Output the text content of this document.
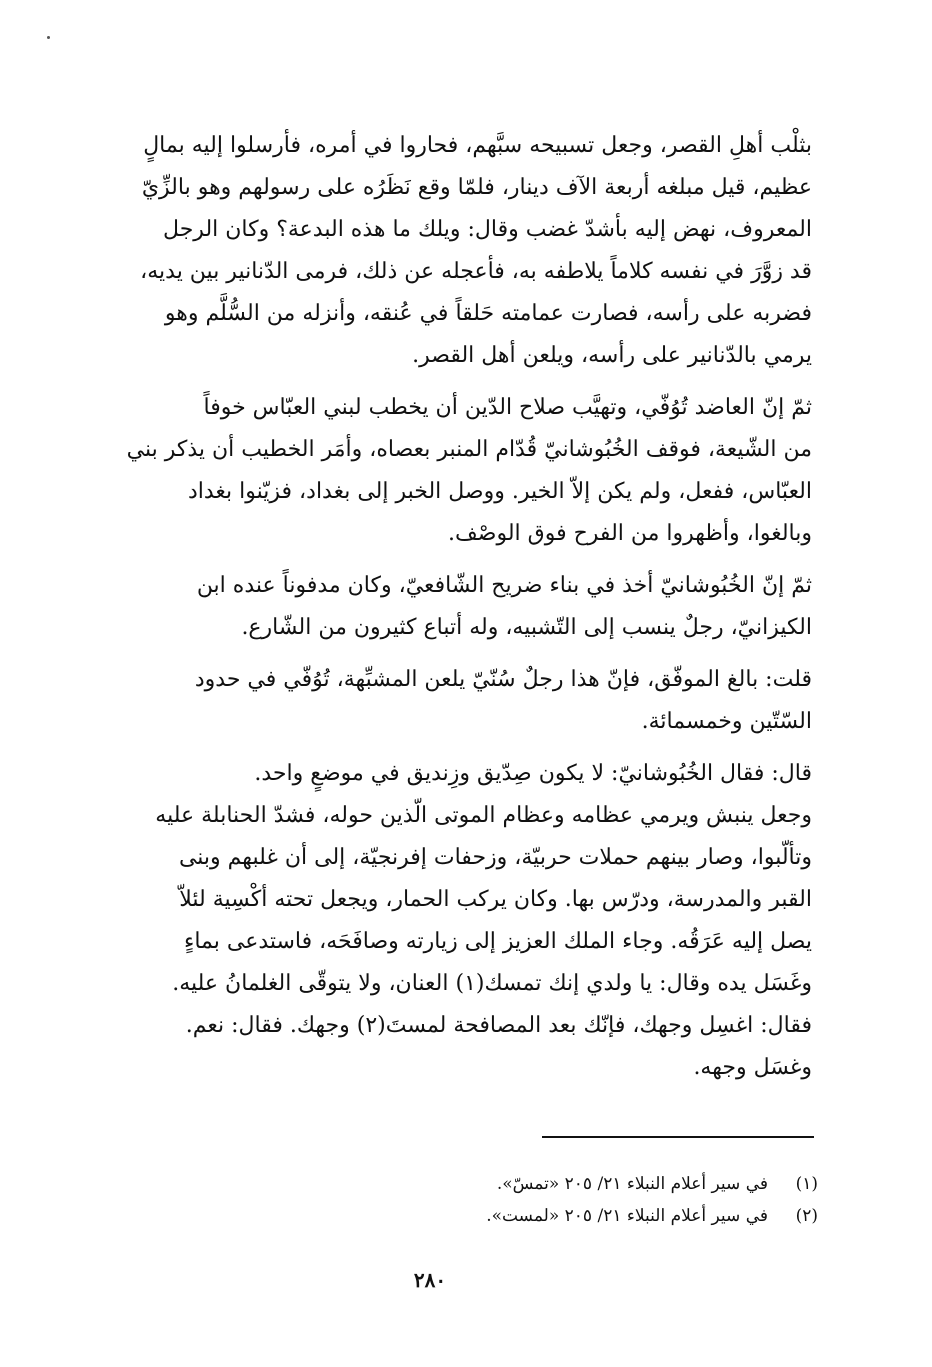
بثلْب أهلِ القصر، وجعل تسبيحه سبَّهم، فحاروا في أمره، فأرسلوا إليه بمالٍ
عظيم، قيل مبلغه أربعة الآف دينار، فلمّا وقع نَظَرُه على رسولهم وهو بالزِّيّ
المعروف، نهض إليه بأشدّ غضب وقال: ويلك ما هذه البدعة؟ وكان الرجل
قد زوَّرَ في نفسه كلاماً يلاطفه به، فأعجله عن ذلك، فرمى الدّنانير بين يديه،
فضربه على رأسه، فصارت عمامته حَلقاً في عُنقه، وأنزله من السُّلَّم وهو
يرمي بالدّنانير على رأسه، ويلعن أهل القصر.
ثمّ إنّ العاضد تُوُفّي، وتهيَّب صلاح الدّين أن يخطب لبني العبّاس خوفاً
من الشّيعة، فوقف الخُبُوشانيّ قُدّام المنبر بعصاه، وأمَر الخطيب أن يذكر بني
العبّاس، ففعل، ولم يكن إلاّ الخير. ووصل الخبر إلى بغداد، فزيّنوا بغداد
وبالغوا، وأظهروا من الفرح فوق الوصْف.
ثمّ إنّ الخُبُوشانيّ أخذ في بناء ضريح الشّافعيّ، وكان مدفوناً عنده ابن
الكيزانيّ، رجلٌ ينسب إلى التّشبيه، وله أتباع كثيرون من الشّارع.
قلت: بالغ الموفّق، فإنّ هذا رجلٌ سُنّيّ يلعن المشبِّهة، تُوُفّي في حدود
السّتّين وخمسمائة.
قال: فقال الخُبُوشانيّ: لا يكون صِدّيق وزِنديق في موضعٍ واحد.
وجعل ينبش ويرمي عظامه وعظام الموتى الّذين حوله، فشدّ الحنابلة عليه
وتألّبوا، وصار بينهم حملات حربيّة، وزحفات إفرنجيّة، إلى أن غلبهم وبنى
القبر والمدرسة، ودرّس بها. وكان يركب الحمار، ويجعل تحته أكْسِية لئلاّ
يصل إليه عَرَقُه. وجاء الملك العزيز إلى زيارته وصافَحَه، فاستدعى بماءٍ
وغَسَل يده وقال: يا ولدي إنك تمسك(١) العنان، ولا يتوقّى الغلمانُ عليه.
فقال: اغسِل وجهك، فإنّك بعد المصافحة لمستَ(٢) وجهك. فقال: نعم.
وغسَل وجهه.
(١)
في سير أعلام النبلاء ٢١/ ٢٠٥ «تمسّ».
(٢)
في سير أعلام النبلاء ٢١/ ٢٠٥ «لمست».
٢٨٠
